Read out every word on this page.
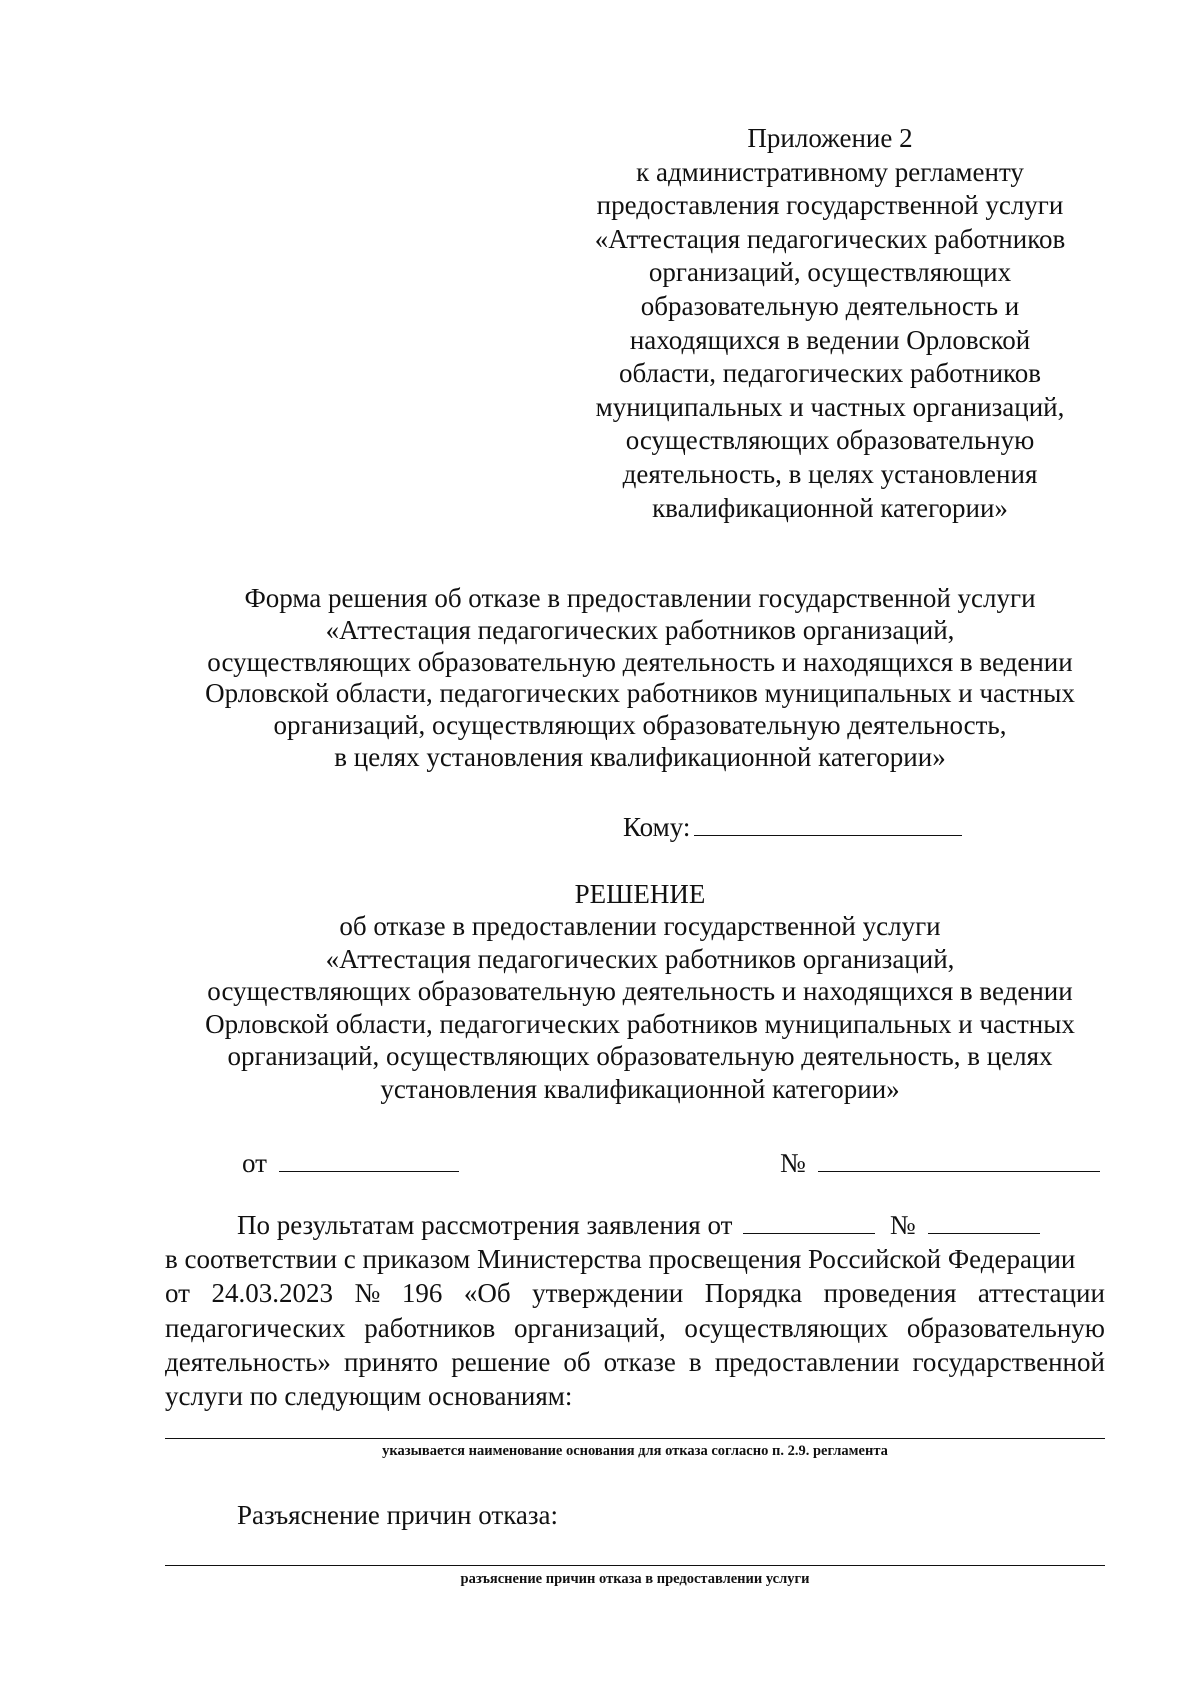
Приложение 2
к административному регламенту
предоставления государственной услуги
«Аттестация педагогических работников
организаций, осуществляющих
образовательную деятельность и
находящихся в ведении Орловской
области, педагогических работников
муниципальных и частных организаций,
осуществляющих образовательную
деятельность, в целях установления
квалификационной категории»
Форма решения об отказе в предоставлении государственной услуги
«Аттестация педагогических работников организаций,
осуществляющих образовательную деятельность и находящихся в ведении
Орловской области, педагогических работников муниципальных и частных
организаций, осуществляющих образовательную деятельность,
в целях установления квалификационной категории»
Кому:
РЕШЕНИЕ
об отказе в предоставлении государственной услуги
«Аттестация педагогических работников организаций,
осуществляющих образовательную деятельность и находящихся в ведении
Орловской области, педагогических работников муниципальных и частных
организаций, осуществляющих образовательную деятельность, в целях
установления квалификационной категории»
от	№
По результатам рассмотрения заявления от	№
в соответствии с приказом Министерства просвещения Российской Федерации
от 24.03.2023 № 196 «Об утверждении Порядка проведения аттестации
педагогических работников организаций, осуществляющих образовательную
деятельность» принято решение об отказе в предоставлении государственной
услуги по следующим основаниям:
указывается наименование основания для отказа согласно п. 2.9. регламента
Разъяснение причин отказа:
разъяснение причин отказа в предоставлении услуги
